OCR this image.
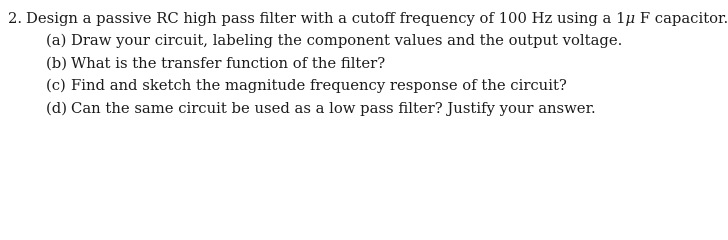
2. Design a passive RC high pass filter with a cutoff frequency of 100 Hz using a 1μ F capacitor.
(a) Draw your circuit, labeling the component values and the output voltage.
(b) What is the transfer function of the filter?
(c) Find and sketch the magnitude frequency response of the circuit?
(d) Can the same circuit be used as a low pass filter? Justify your answer.
